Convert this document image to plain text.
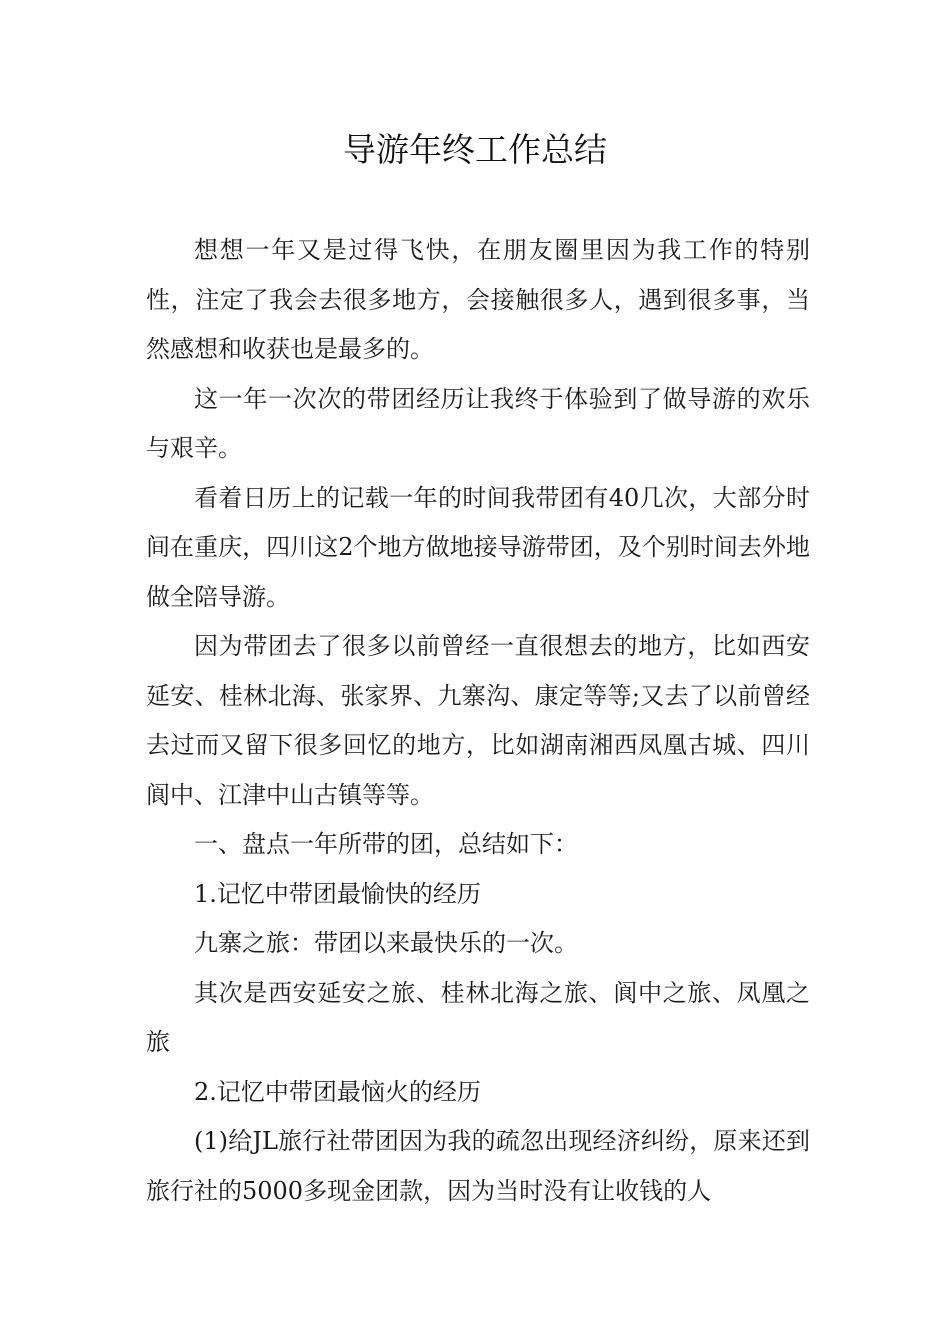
导游年终工作总结

想想一年又是过得飞快，在朋友圈里因为我工作的特别性，注定了我会去很多地方，会接触很多人，遇到很多事，当然感想和收获也是最多的。

这一年一次次的带团经历让我终于体验到了做导游的欢乐与艰辛。

看着日历上的记载一年的时间我带团有40几次，大部分时间在重庆，四川这2个地方做地接导游带团，及个别时间去外地做全陪导游。

因为带团去了很多以前曾经一直很想去的地方，比如西安延安、桂林北海、张家界、九寨沟、康定等等;又去了以前曾经去过而又留下很多回忆的地方，比如湖南湘西凤凰古城、四川阆中、江津中山古镇等等。

一、盘点一年所带的团，总结如下：

1.记忆中带团最愉快的经历

九寨之旅：带团以来最快乐的一次。

其次是西安延安之旅、桂林北海之旅、阆中之旅、凤凰之旅

2.记忆中带团最恼火的经历

(1)给JL旅行社带团因为我的疏忽出现经济纠纷，原来还到旅行社的5000多现金团款，因为当时没有让收钱的人
